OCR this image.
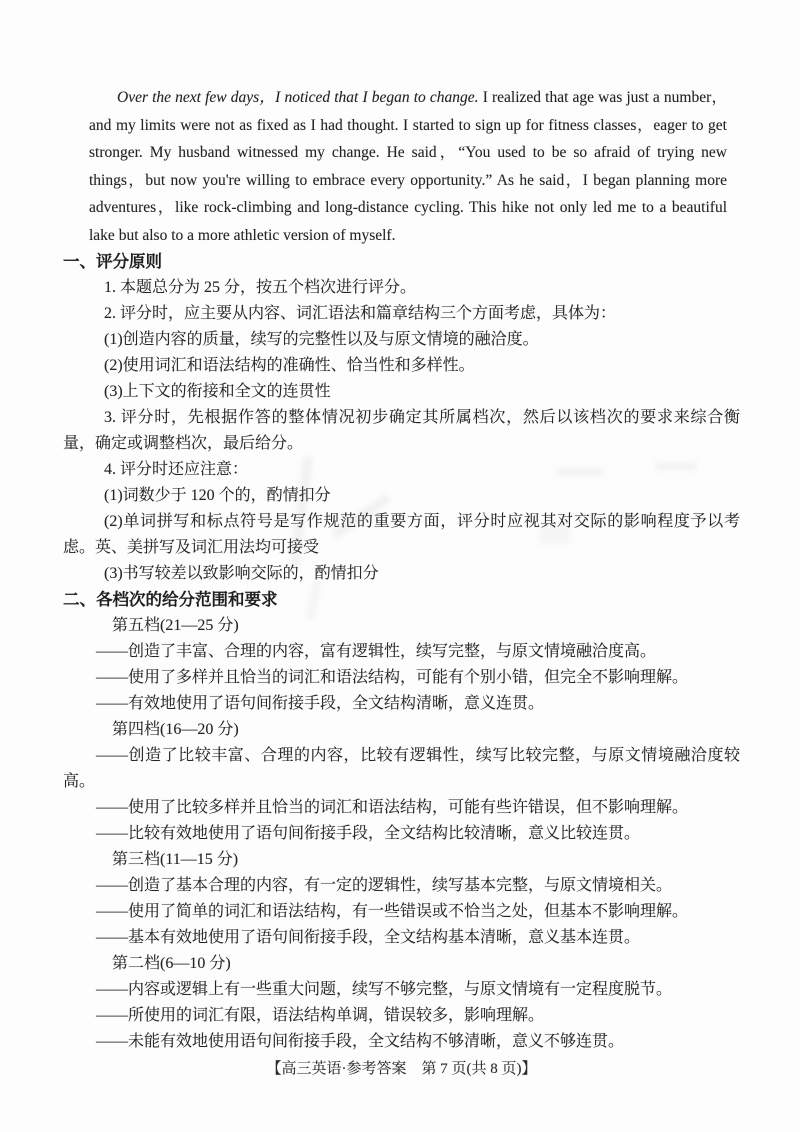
Over the next few days，I noticed that I began to change. I realized that age was just a number，and my limits were not as fixed as I had thought. I started to sign up for fitness classes，eager to get stronger. My husband witnessed my change. He said，“You used to be so afraid of trying new things，but now you're willing to embrace every opportunity.” As he said，I began planning more adventures，like rock-climbing and long-distance cycling. This hike not only led me to a beautiful lake but also to a more athletic version of myself.

一、评分原则

1. 本题总分为 25 分，按五个档次进行评分。

2. 评分时，应主要从内容、词汇语法和篇章结构三个方面考虑，具体为：

(1)创造内容的质量，续写的完整性以及与原文情境的融洽度。

(2)使用词汇和语法结构的准确性、恰当性和多样性。

(3)上下文的衔接和全文的连贯性

3. 评分时，先根据作答的整体情况初步确定其所属档次，然后以该档次的要求来综合衡量，确定或调整档次，最后给分。

4. 评分时还应注意：

(1)词数少于 120 个的，酌情扣分

(2)单词拼写和标点符号是写作规范的重要方面，评分时应视其对交际的影响程度予以考虑。英、美拼写及词汇用法均可接受

(3)书写较差以致影响交际的，酌情扣分

二、各档次的给分范围和要求

第五档(21—25 分)

——创造了丰富、合理的内容，富有逻辑性，续写完整，与原文情境融洽度高。

——使用了多样并且恰当的词汇和语法结构，可能有个别小错，但完全不影响理解。

——有效地使用了语句间衔接手段，全文结构清晰，意义连贯。

第四档(16—20 分)

——创造了比较丰富、合理的内容，比较有逻辑性，续写比较完整，与原文情境融洽度较高。

——使用了比较多样并且恰当的词汇和语法结构，可能有些许错误，但不影响理解。

——比较有效地使用了语句间衔接手段，全文结构比较清晰，意义比较连贯。

第三档(11—15 分)

——创造了基本合理的内容，有一定的逻辑性，续写基本完整，与原文情境相关。

——使用了简单的词汇和语法结构，有一些错误或不恰当之处，但基本不影响理解。

——基本有效地使用了语句间衔接手段，全文结构基本清晰，意义基本连贯。

第二档(6—10 分)

——内容或逻辑上有一些重大问题，续写不够完整，与原文情境有一定程度脱节。

——所使用的词汇有限，语法结构单调，错误较多，影响理解。

——未能有效地使用语句间衔接手段，全文结构不够清晰，意义不够连贯。

【高三英语·参考答案　第 7 页(共 8 页)】
